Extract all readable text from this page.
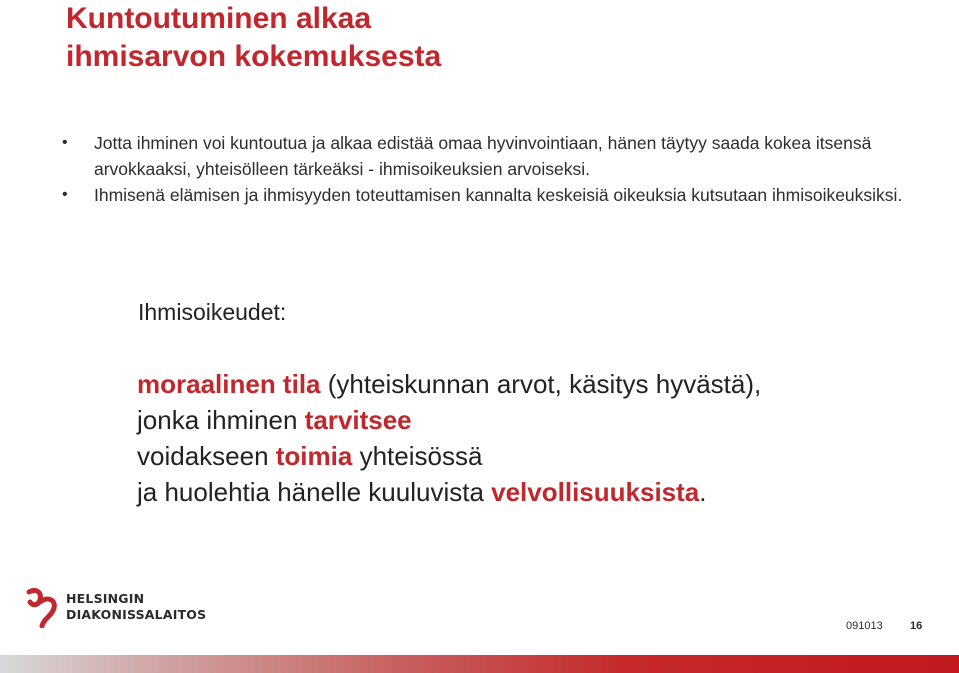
Kuntoutuminen alkaa
ihmisarvon kokemuksesta
• Jotta ihminen voi kuntoutua ja alkaa edistää omaa hyvinvointiaan, hänen täytyy saada kokea itsensä arvokkaaksi, yhteisölleen tärkeäksi - ihmisoikeuksien arvoiseksi.
• Ihmisenä elämisen ja ihmisyyden toteuttamisen kannalta keskeisiä oikeuksia kutsutaan ihmisoikeuksiksi.
Ihmisoikeudet:

moraalinen tila (yhteiskunnan arvot, käsitys hyvästä),
jonka ihminen tarvitsee
voidakseen toimia yhteisössä
ja huolehtia hänelle kuuluvista velvollisuuksista.

HELSINGIN
DIAKONISSALAITOS
091013 16
